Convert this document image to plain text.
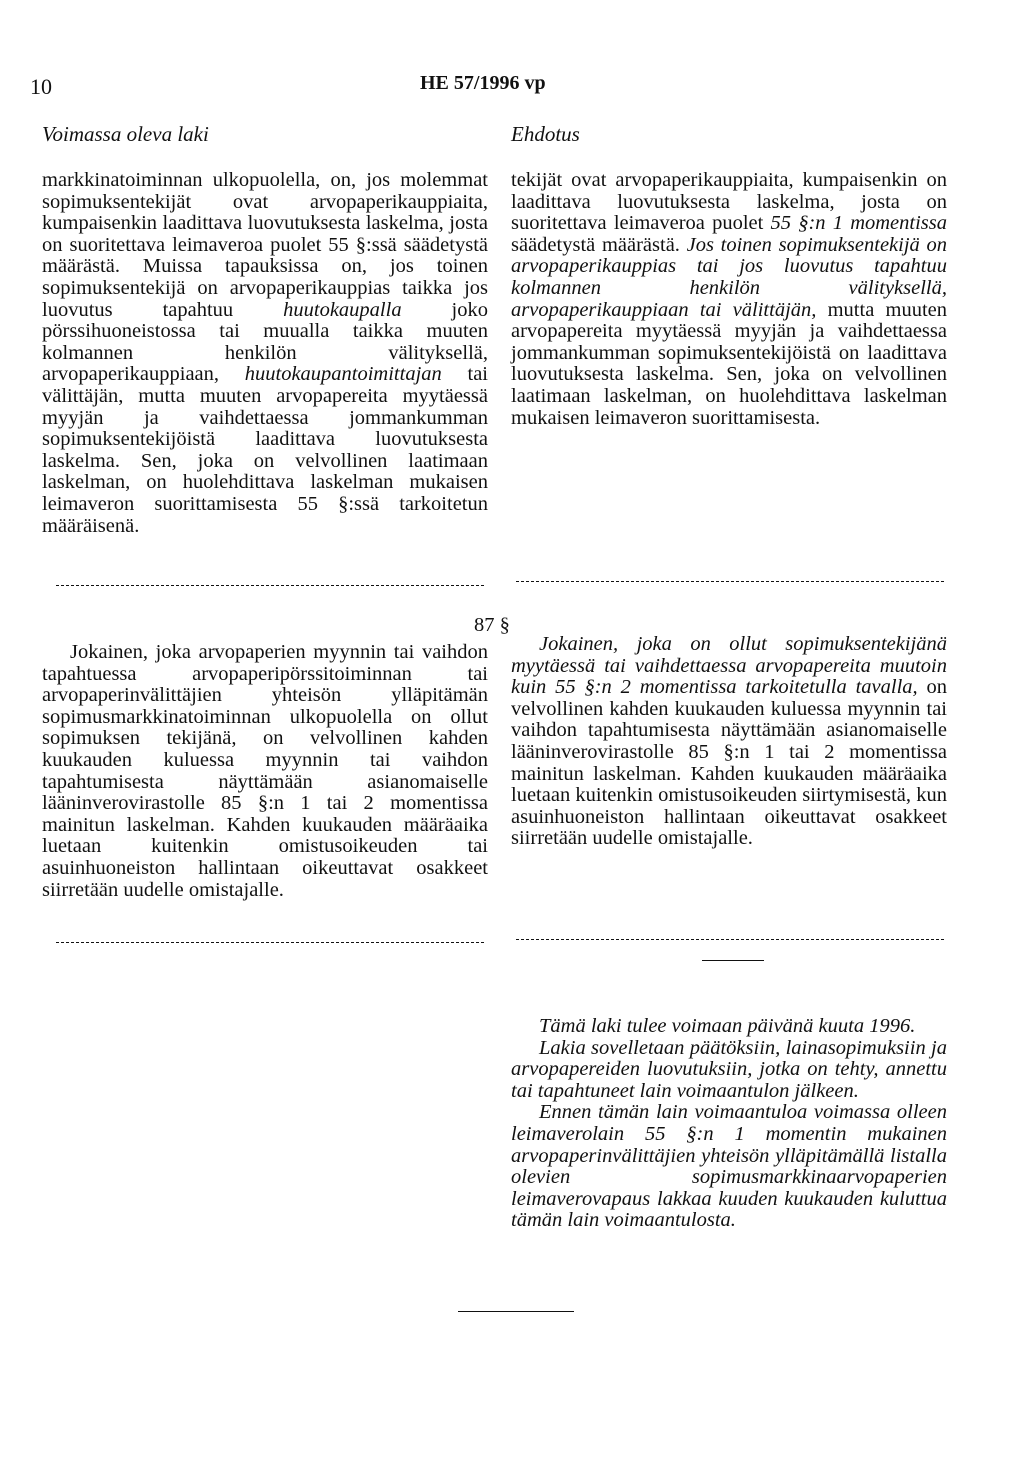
10	HE 57/1996 vp
Voimassa oleva laki	Ehdotus

markkinatoiminnan ulkopuolella, on, jos molemmat sopimuksentekijät ovat arvopaperikauppiaita, kumpaisenkin laadittava luovutuksesta laskelma, josta on suoritettava leimaveroa puolet 55 §:ssä säädetystä määrästä. Muissa tapauksissa on, jos toinen sopimuksentekijä on arvopaperikauppias taikka jos luovutus tapahtuu huutokaupalla joko pörssihuoneistossa tai muualla taikka muuten kolmannen henkilön välityksellä, arvopaperikauppiaan, huutokaupantoimittajan tai välittäjän, mutta muuten arvopapereita myytäessä myyjän ja vaihdettaessa jommankumman sopimuksentekijöistä laadittava luovutuksesta laskelma. Sen, joka on velvollinen laatimaan laskelman, on huolehdittava laskelman mukaisen leimaveron suorittamisesta 55 §:ssä tarkoitetun määräisenä.

tekijät ovat arvopaperikauppiaita, kumpaisenkin on laadittava luovutuksesta laskelma, josta on suoritettava leimaveroa puolet 55 §:n 1 momentissa säädetystä määrästä. Jos toinen sopimuksentekijä on arvopaperikauppias tai jos luovutus tapahtuu kolmannen henkilön välityksellä, arvopaperikauppiaan tai välittäjän, mutta muuten arvopapereita myytäessä myyjän ja vaihdettaessa jommankumman sopimuksentekijöistä on laadittava luovutuksesta laskelma. Sen, joka on velvollinen laatimaan laskelman, on huolehdittava laskelman mukaisen leimaveron suorittamisesta.

87 §

Jokainen, joka arvopaperien myynnin tai vaihdon tapahtuessa arvopaperipörssitoiminnan tai arvopaperinvälittäjien yhteisön ylläpitämän sopimusmarkkinatoiminnan ulkopuolella on ollut sopimuksen tekijänä, on velvollinen kahden kuukauden kuluessa myynnin tai vaihdon tapahtumisesta näyttämään asianomaiselle lääninverovirastolle 85 §:n 1 tai 2 momentissa mainitun laskelman. Kahden kuukauden määräaika luetaan kuitenkin omistusoikeuden tai asuinhuoneiston hallintaan oikeuttavat osakkeet siirretään uudelle omistajalle.

Jokainen, joka on ollut sopimuksentekijänä myytäessä tai vaihdettaessa arvopapereita muutoin kuin 55 §:n 2 momentissa tarkoitetulla tavalla, on velvollinen kahden kuukauden kuluessa myynnin tai vaihdon tapahtumisesta näyttämään asianomaiselle lääninverovirastolle 85 §:n 1 tai 2 momentissa mainitun laskelman. Kahden kuukauden määräaika luetaan kuitenkin omistusoikeuden siirtymisestä, kun asuinhuoneiston hallintaan oikeuttavat osakkeet siirretään uudelle omistajalle.

Tämä laki tulee voimaan päivänä kuuta 1996.

Lakia sovelletaan päätöksiin, lainasopimuksiin ja arvopapereiden luovutuksiin, jotka on tehty, annettu tai tapahtuneet lain voimaantulon jälkeen.

Ennen tämän lain voimaantuloa voimassa olleen leimaverolain 55 §:n 1 momentin mukainen arvopaperinvälittäjien yhteisön ylläpitämällä listalla olevien sopimusmarkkinaarvopaperien leimaverovapaus lakkaa kuuden kuukauden kuluttua tämän lain voimaantulosta.
